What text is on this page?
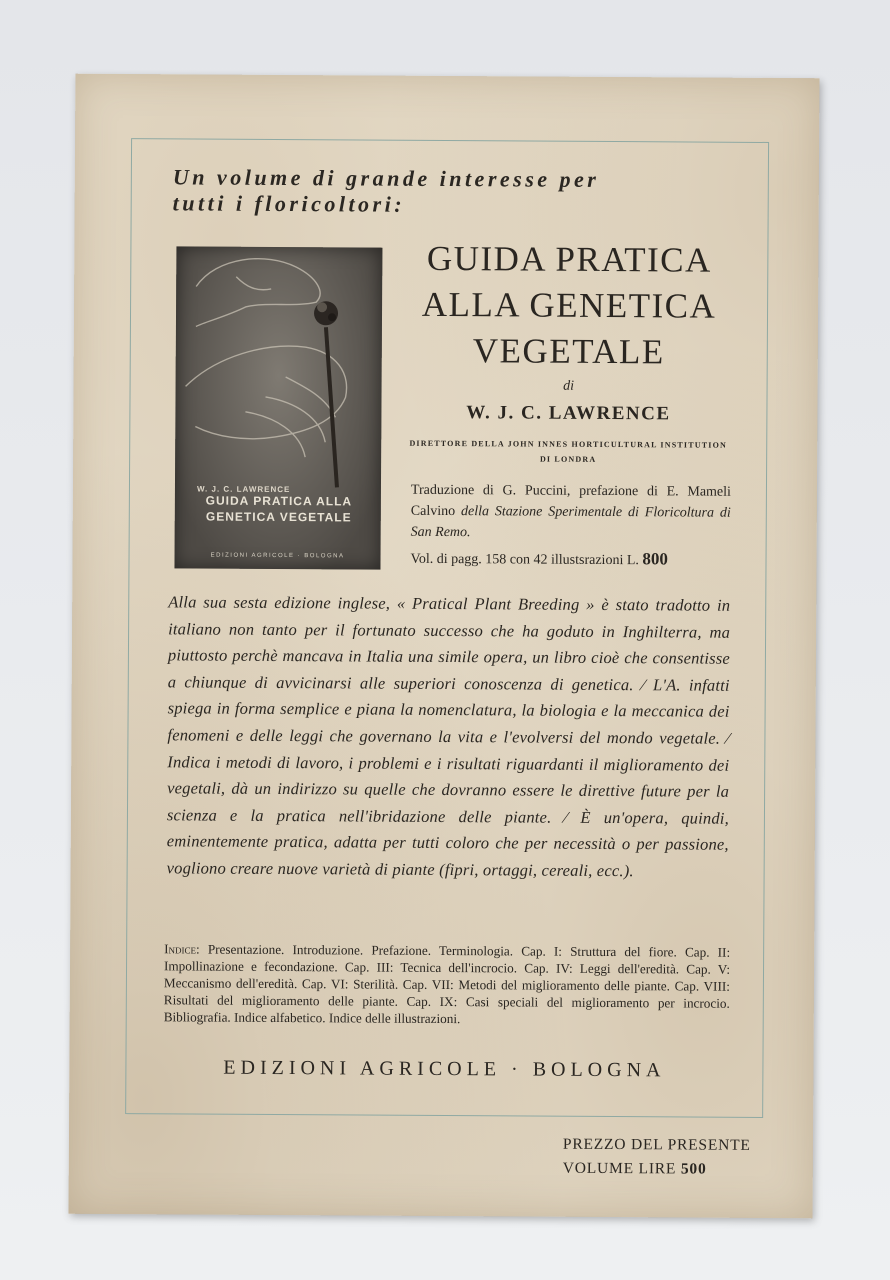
Un volume di grande interesse per
tutti i floricoltori:
W. J. C. LAWRENCE
GUIDA PRATICA ALLA
GENETICA VEGETALE
EDIZIONI AGRICOLE · BOLOGNA
GUIDA PRATICA
ALLA GENETICA
VEGETALE
di
W. J. C. LAWRENCE
DIRETTORE DELLA JOHN INNES HORTICULTURAL INSTITUTION
DI LONDRA
Traduzione di G. Puccini, prefazione di E. Mameli Calvino della Stazione Sperimentale di Floricoltura di San Remo.
Vol. di pagg. 158 con 42 illustsrazioni L. 800
Alla sua sesta edizione inglese, « Pratical Plant Breeding » è stato tradotto in italiano non tanto per il fortunato successo che ha goduto in Inghilterra, ma piuttosto perchè mancava in Italia una simile opera, un libro cioè che consentisse a chiunque di avvicinarsi alle superiori conoscenza di genetica. ⁄ L'A. infatti spiega in forma semplice e piana la nomenclatura, la biologia e la meccanica dei fenomeni e delle leggi che governano la vita e l'evolversi del mondo vegetale. ⁄ Indica i metodi di lavoro, i problemi e i risultati riguardanti il miglioramento dei vegetali, dà un indirizzo su quelle che dovranno essere le direttive future per la scienza e la pratica nell'ibridazione delle piante. ⁄ È un'opera, quindi, eminentemente pratica, adatta per tutti coloro che per necessità o per passione, vogliono creare nuove varietà di piante (fipri, ortaggi, cereali, ecc.).
Indice: Presentazione. Introduzione. Prefazione. Terminologia. Cap. I: Struttura del fiore. Cap. II: Impollinazione e fecondazione. Cap. III: Tecnica dell'incrocio. Cap. IV: Leggi dell'eredità. Cap. V: Meccanismo dell'eredità. Cap. VI: Sterilità. Cap. VII: Metodi del miglioramento delle piante. Cap. VIII: Risultati del miglioramento delle piante. Cap. IX: Casi speciali del miglioramento per incrocio. Bibliografia. Indice alfabetico. Indice delle illustrazioni.
EDIZIONI AGRICOLE · BOLOGNA
PREZZO DEL PRESENTE
VOLUME LIRE 500
